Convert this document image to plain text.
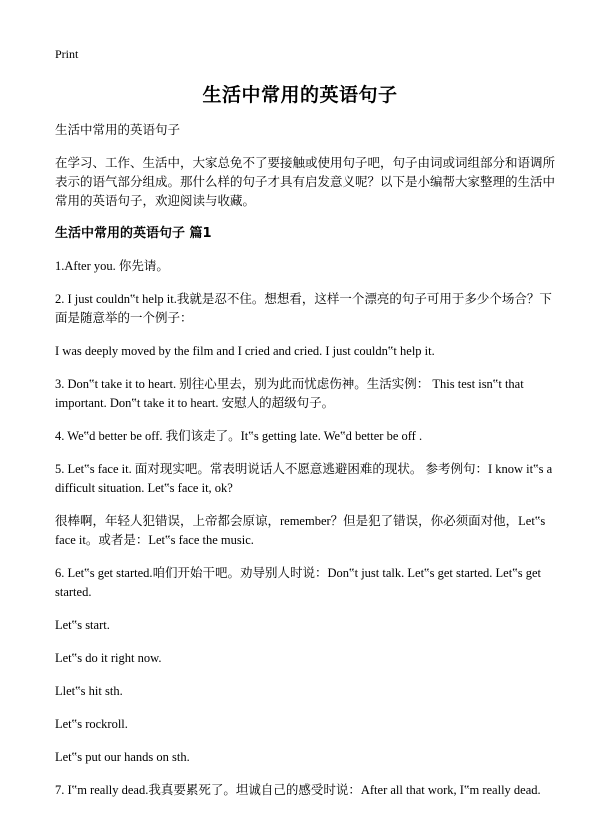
Print
生活中常用的英语句子

生活中常用的英语句子

在学习、工作、生活中，大家总免不了要接触或使用句子吧，句子由词或词组部分和语调所表示的语气部分组成。那什么样的句子才具有启发意义呢？以下是小编帮大家整理的生活中常用的英语句子，欢迎阅读与收藏。

生活中常用的英语句子 篇1

1.After you. 你先请。

2. I just couldn‟t help it.我就是忍不住。想想看，这样一个漂亮的句子可用于多少个场合？下面是随意举的一个例子：

I was deeply moved by the film and I cried and cried. I just couldn‟t help it.

3. Don‟t take it to heart. 别往心里去，别为此而忧虑伤神。生活实例： This test isn‟t that important. Don‟t take it to heart. 安慰人的超级句子。

4. We‟d better be off. 我们该走了。It‟s getting late. We‟d better be off .

5. Let‟s face it. 面对现实吧。常表明说话人不愿意逃避困难的现状。 参考例句：I know it‟s a difficult situation. Let‟s face it, ok?

很棒啊，年轻人犯错误，上帝都会原谅，remember？但是犯了错误，你必须面对他，Let‟s face it。或者是：Let‟s face the music.

6. Let‟s get started.咱们开始干吧。劝导别人时说：Don‟t just talk. Let‟s get started. Let‟s get started.

Let‟s start.

Let‟s do it right now.

Llet‟s hit sth.

Let‟s rockroll.

Let‟s put our hands on sth.

7. I‟m really dead.我真要累死了。坦诚自己的感受时说：After all that work, I‟m really dead.
